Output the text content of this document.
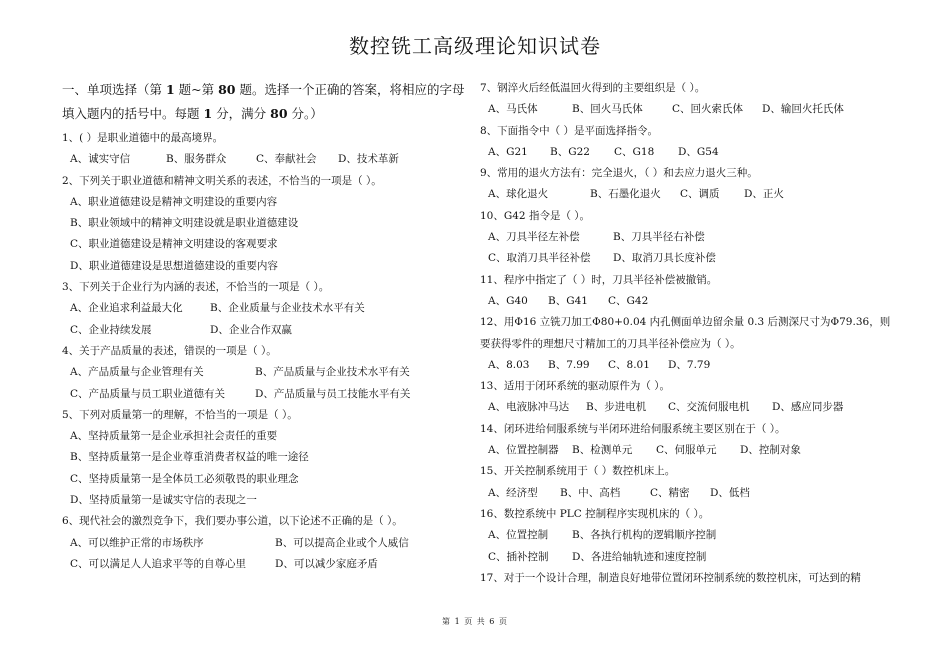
数控铣工高级理论知识试卷
一、单项选择（第 1 题~第 80 题。选择一个正确的答案，将相应的字母
填入题内的括号中。每题 1 分，满分 80 分。）
1、( ）是职业道德中的最高境界。
A、诚实守信	B、服务群众	C、奉献社会 D、技术革新
2、下列关于职业道德和精神文明关系的表述，不恰当的一项是（ ）。
A、职业道德建设是精神文明建设的重要内容
B、职业领域中的精神文明建设就是职业道德建设
C、职业道德建设是精神文明建设的客观要求
D、职业道德建设是思想道德建设的重要内容
3、下列关于企业行为内涵的表述，不恰当的一项是（ ）。
A、企业追求利益最大化	B、企业质量与企业技术水平有关
C、企业持续发展	D、企业合作双赢
4、关于产品质量的表述，错误的一项是（ ）。
A、产品质量与企业管理有关	B、产品质量与企业技术水平有关
C、产品质量与员工职业道德有关	D、产品质量与员工技能水平有关
5、下列对质量第一的理解，不恰当的一项是（ ）。
A、坚持质量第一是企业承担社会责任的重要
B、坚持质量第一是企业尊重消费者权益的唯一途径
C、坚持质量第一是全体员工必须敬畏的职业理念
D、坚持质量第一是诚实守信的表现之一
6、现代社会的激烈竞争下，我们要办事公道，以下论述不正确的是（ ）。
A、可以维护正常的市场秩序	B、可以提高企业或个人威信
C、可以满足人人追求平等的自尊心里	D、可以减少家庭矛盾
7、钢淬火后经低温回火得到的主要组织是（ ）。
A、马氏体	B、回火马氏体	C、回火索氏体 D、输回火托氏体
8、下面指令中（ ）是平面选择指令。
A、G21 B、G22 C、G18 D、G54
9、常用的退火方法有：完全退火，（ ）和去应力退火三种。
A、球化退火	B、石墨化退火 C、调质 D、正火
10、G42 指令是（ ）。
A、刀具半径左补偿	B、刀具半径右补偿
C、取消刀具半径补偿 D、取消刀具长度补偿
11、程序中指定了（ ）时，刀具半径补偿被撤销。
A、G40 B、G41 C、G42
12、用Φ16 立铣刀加工Φ80+0.04 内孔侧面单边留余量 0.3 后测深尺寸为Φ79.36，则
要获得零件的理想尺寸精加工的刀具半径补偿应为（ ）。
A、8.03 B、7.99 C、8.01 D、7.79
13、适用于闭环系统的驱动原件为（ ）。
A、电液脉冲马达 B、步进电机 C、交流伺服电机 D、感应同步器
14、闭环进给伺服系统与半闭环进给伺服系统主要区别在于（ ）。
A、位置控制器 B、检测单元 C、伺服单元 D、控制对象
15、开关控制系统用于（ ）数控机床上。
A、经济型 B、中、高档	C、精密 D、低档
16、数控系统中 PLC 控制程序实现机床的（ ）。
A、位置控制 B、各执行机构的逻辑顺序控制
C、插补控制 D、各进给轴轨迹和速度控制
17、对于一个设计合理，制造良好地带位置闭环控制系统的数控机床，可达到的精
第 1 页 共 6 页
